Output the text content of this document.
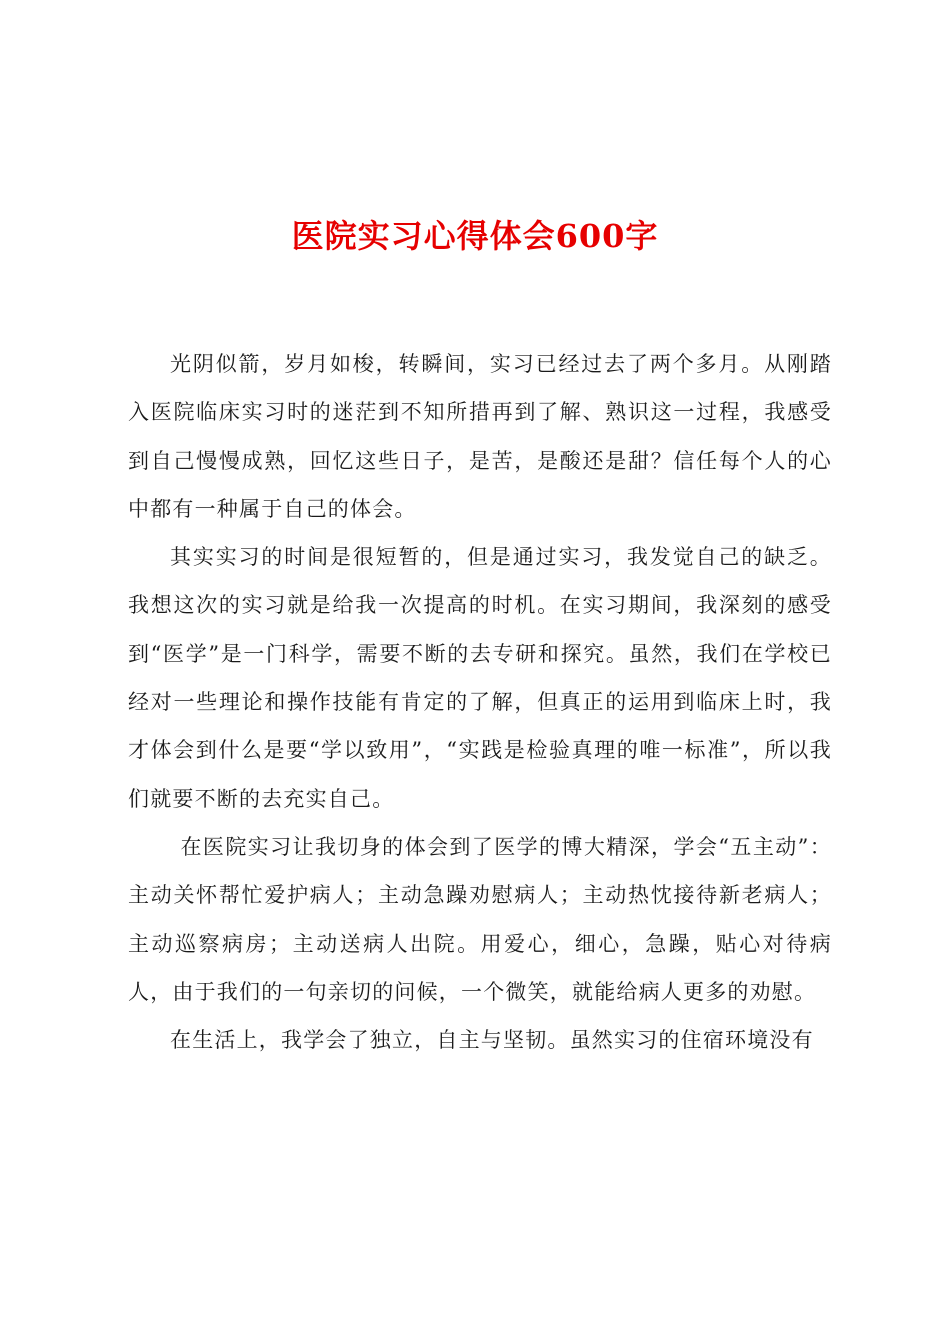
医院实习心得体会600字

光阴似箭，岁月如梭，转瞬间，实习已经过去了两个多月。从刚踏入医院临床实习时的迷茫到不知所措再到了解、熟识这一过程，我感受到自己慢慢成熟，回忆这些日子，是苦，是酸还是甜？信任每个人的心中都有一种属于自己的体会。

其实实习的时间是很短暂的，但是通过实习，我发觉自己的缺乏。我想这次的实习就是给我一次提高的时机。在实习期间，我深刻的感受到“医学”是一门科学，需要不断的去专研和探究。虽然，我们在学校已经对一些理论和操作技能有肯定的了解，但真正的运用到临床上时，我才体会到什么是要“学以致用”，“实践是检验真理的唯一标准”，所以我们就要不断的去充实自己。

在医院实习让我切身的体会到了医学的博大精深，学会“五主动”：主动关怀帮忙爱护病人；主动急躁劝慰病人；主动热忱接待新老病人；主动巡察病房；主动送病人出院。用爱心，细心，急躁，贴心对待病人，由于我们的一句亲切的问候，一个微笑，就能给病人更多的劝慰。

在生活上，我学会了独立，自主与坚韧。虽然实习的住宿环境没有
